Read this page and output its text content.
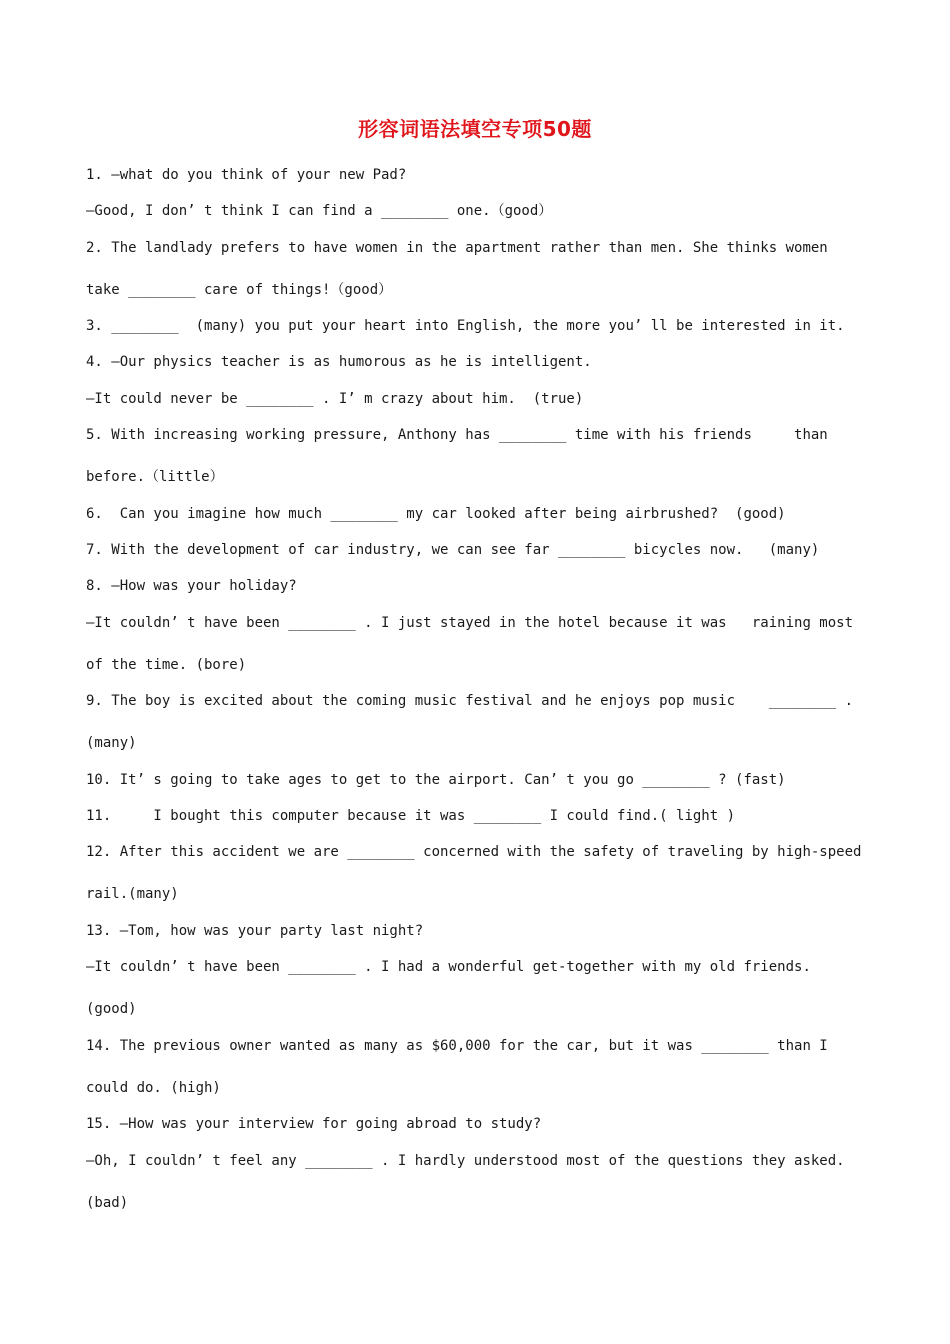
形容词语法填空专项50题
1. —what do you think of your new Pad?
—Good, I don’ t think I can find a ________ one.（good）
2. The landlady prefers to have women in the apartment rather than men. She thinks women
take ________ care of things!（good）
3. ________  (many) you put your heart into English, the more you’ ll be interested in it.
4. —Our physics teacher is as humorous as he is intelligent.
—It could never be ________ . I’ m crazy about him.  (true)
5. With increasing working pressure, Anthony has ________ time with his friends     than
before.（little）
6.  Can you imagine how much ________ my car looked after being airbrushed?  (good)
7. With the development of car industry, we can see far ________ bicycles now.   (many)
8. —How was your holiday?
—It couldn’ t have been ________ . I just stayed in the hotel because it was   raining most
of the time. (bore)
9. The boy is excited about the coming music festival and he enjoys pop music    ________ .
(many)
10. It’ s going to take ages to get to the airport. Can’ t you go ________ ? (fast)
11.     I bought this computer because it was ________ I could find.( light )
12. After this accident we are ________ concerned with the safety of traveling by high-speed
rail.(many)
13. —Tom, how was your party last night?
—It couldn’ t have been ________ . I had a wonderful get-together with my old friends.
(good)
14. The previous owner wanted as many as $60,000 for the car, but it was ________ than I
could do. (high)
15. —How was your interview for going abroad to study?
—Oh, I couldn’ t feel any ________ . I hardly understood most of the questions they asked.
(bad)
